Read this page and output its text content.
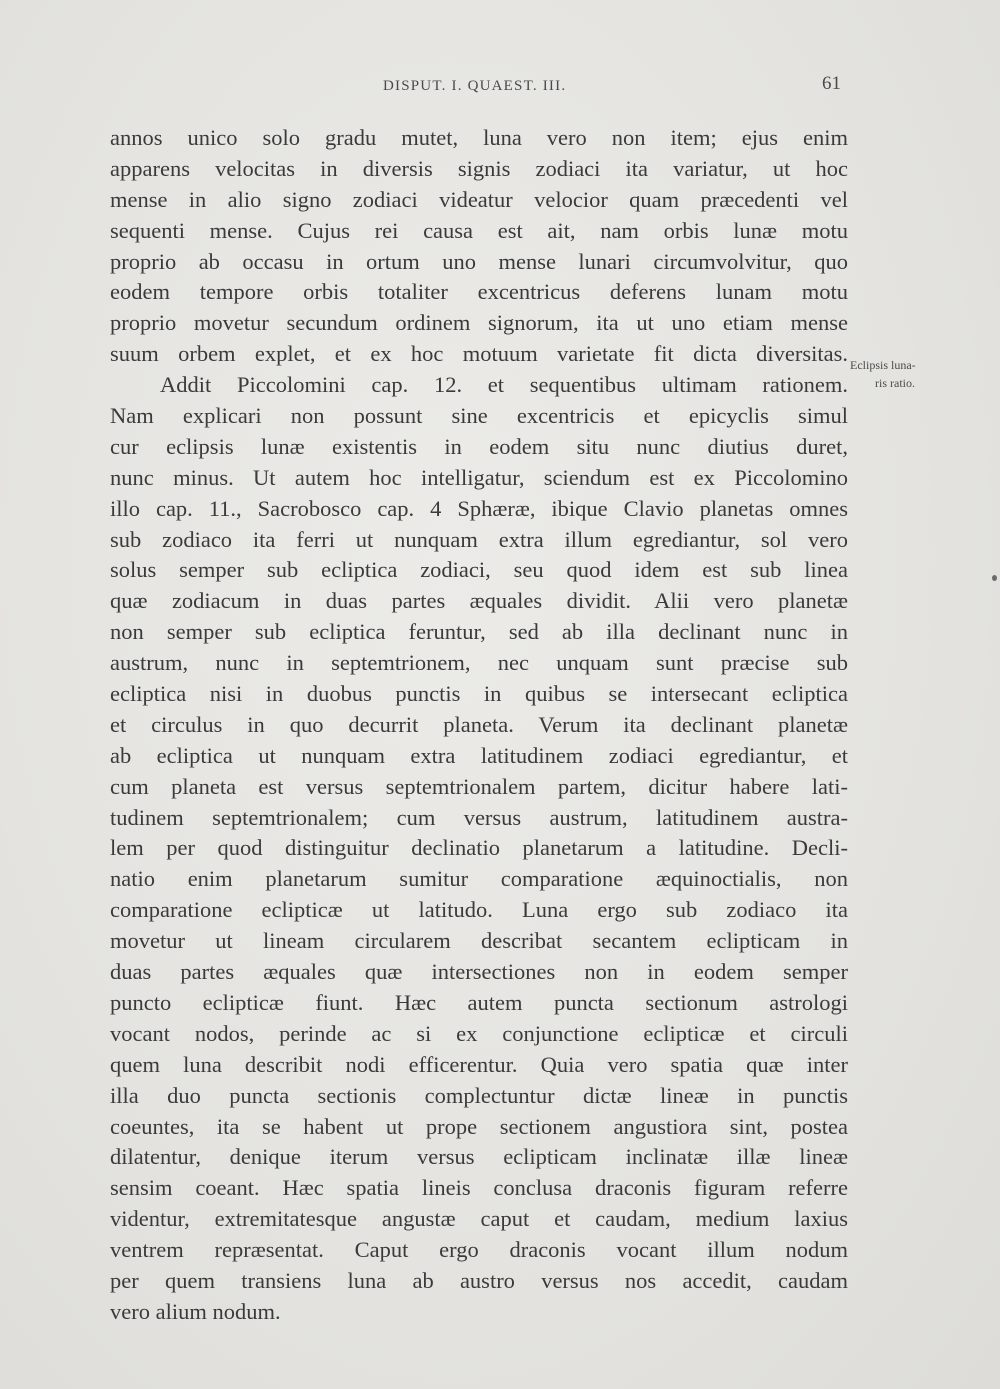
DISPUT. I. QUAEST. III.	61
annos unico solo gradu mutet, luna vero non item; ejus enim
apparens velocitas in diversis signis zodiaci ita variatur, ut hoc
mense in alio signo zodiaci videatur velocior quam præcedenti vel
sequenti mense. Cujus rei causa est ait, nam orbis lunæ motu
proprio ab occasu in ortum uno mense lunari circumvolvitur, quo
eodem tempore orbis totaliter excentricus deferens lunam motu
proprio movetur secundum ordinem signorum, ita ut uno etiam mense
suum orbem explet, et ex hoc motuum varietate fit dicta diversitas.
Addit Piccolomini cap. 12. et sequentibus ultimam rationem.
Nam explicari non possunt sine excentricis et epicyclis simul
cur eclipsis lunæ existentis in eodem situ nunc diutius duret,
nunc minus. Ut autem hoc intelligatur, sciendum est ex Piccolomino
illo cap. 11., Sacrobosco cap. 4 Sphæræ, ibique Clavio planetas omnes
sub zodiaco ita ferri ut nunquam extra illum egrediantur, sol vero
solus semper sub ecliptica zodiaci, seu quod idem est sub linea
quæ zodiacum in duas partes æquales dividit. Alii vero planetæ
non semper sub ecliptica feruntur, sed ab illa declinant nunc in
austrum, nunc in septemtrionem, nec unquam sunt præcise sub
ecliptica nisi in duobus punctis in quibus se intersecant ecliptica
et circulus in quo decurrit planeta. Verum ita declinant planetæ
ab ecliptica ut nunquam extra latitudinem zodiaci egrediantur, et
cum planeta est versus septemtrionalem partem, dicitur habere lati-
tudinem septemtrionalem; cum versus austrum, latitudinem austra-
lem per quod distinguitur declinatio planetarum a latitudine. Decli-
natio enim planetarum sumitur comparatione æquinoctialis, non
comparatione eclipticæ ut latitudo. Luna ergo sub zodiaco ita
movetur ut lineam circularem describat secantem eclipticam in
duas partes æquales quæ intersectiones non in eodem semper
puncto eclipticæ fiunt. Hæc autem puncta sectionum astrologi
vocant nodos, perinde ac si ex conjunctione eclipticæ et circuli
quem luna describit nodi efficerentur. Quia vero spatia quæ inter
illa duo puncta sectionis complectuntur dictæ lineæ in punctis
coeuntes, ita se habent ut prope sectionem angustiora sint, postea
dilatentur, denique iterum versus eclipticam inclinatæ illæ lineæ
sensim coeant. Hæc spatia lineis conclusa draconis figuram referre
videntur, extremitatesque angustæ caput et caudam, medium laxius
ventrem repræsentat. Caput ergo draconis vocant illum nodum
per quem transiens luna ab austro versus nos accedit, caudam
vero alium nodum.
Eclipsis luna-
ris ratio.
